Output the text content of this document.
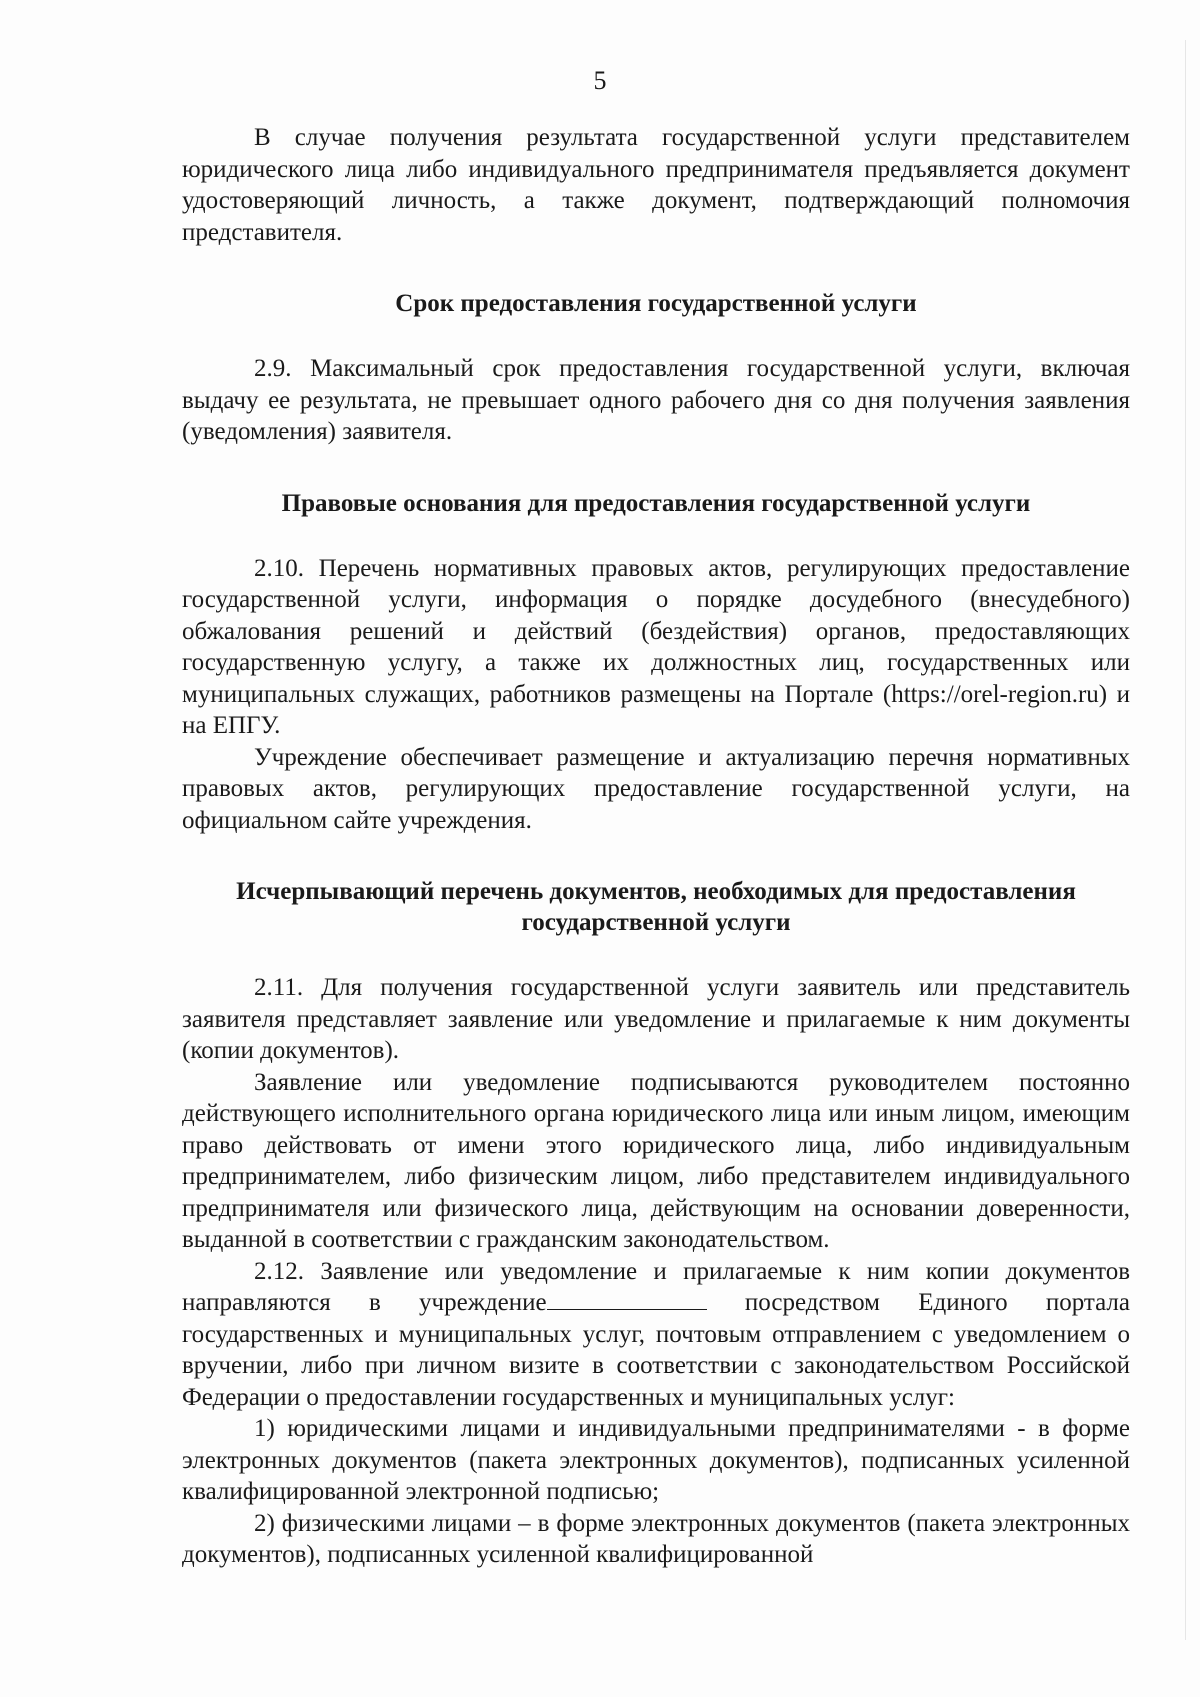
5

В случае получения результата государственной услуги представителем юридического лица либо индивидуального предпринимателя предъявляется документ удостоверяющий личность, а также документ, подтверждающий полномочия представителя.

Срок предоставления государственной услуги

2.9. Максимальный срок предоставления государственной услуги, включая выдачу ее результата, не превышает одного рабочего дня со дня получения заявления (уведомления) заявителя.

Правовые основания для предоставления государственной услуги

2.10. Перечень нормативных правовых актов, регулирующих предоставление государственной услуги, информация о порядке досудебного (внесудебного) обжалования решений и действий (бездействия) органов, предоставляющих государственную услугу, а также их должностных лиц, государственных или муниципальных служащих, работников размещены на Портале (https://orel-region.ru) и на ЕПГУ.

Учреждение обеспечивает размещение и актуализацию перечня нормативных правовых актов, регулирующих предоставление государственной услуги, на официальном сайте учреждения.

Исчерпывающий перечень документов, необходимых для предоставления
государственной услуги

2.11. Для получения государственной услуги заявитель или представитель заявителя представляет заявление или уведомление и прилагаемые к ним документы (копии документов).

Заявление или уведомление подписываются руководителем постоянно действующего исполнительного органа юридического лица или иным лицом, имеющим право действовать от имени этого юридического лица, либо индивидуальным предпринимателем, либо физическим лицом, либо представителем индивидуального предпринимателя или физического лица, действующим на основании доверенности, выданной в соответствии с гражданским законодательством.

2.12. Заявление или уведомление и прилагаемые к ним копии документов направляются в учреждение	посредством Единого портала государственных и муниципальных услуг, почтовым отправлением с уведомлением о вручении, либо при личном визите в соответствии с законодательством Российской Федерации о предоставлении государственных и муниципальных услуг:

1) юридическими лицами и индивидуальными предпринимателями - в форме электронных документов (пакета электронных документов), подписанных усиленной квалифицированной электронной подписью;

2) физическими лицами – в форме электронных документов (пакета электронных документов), подписанных усиленной квалифицированной
